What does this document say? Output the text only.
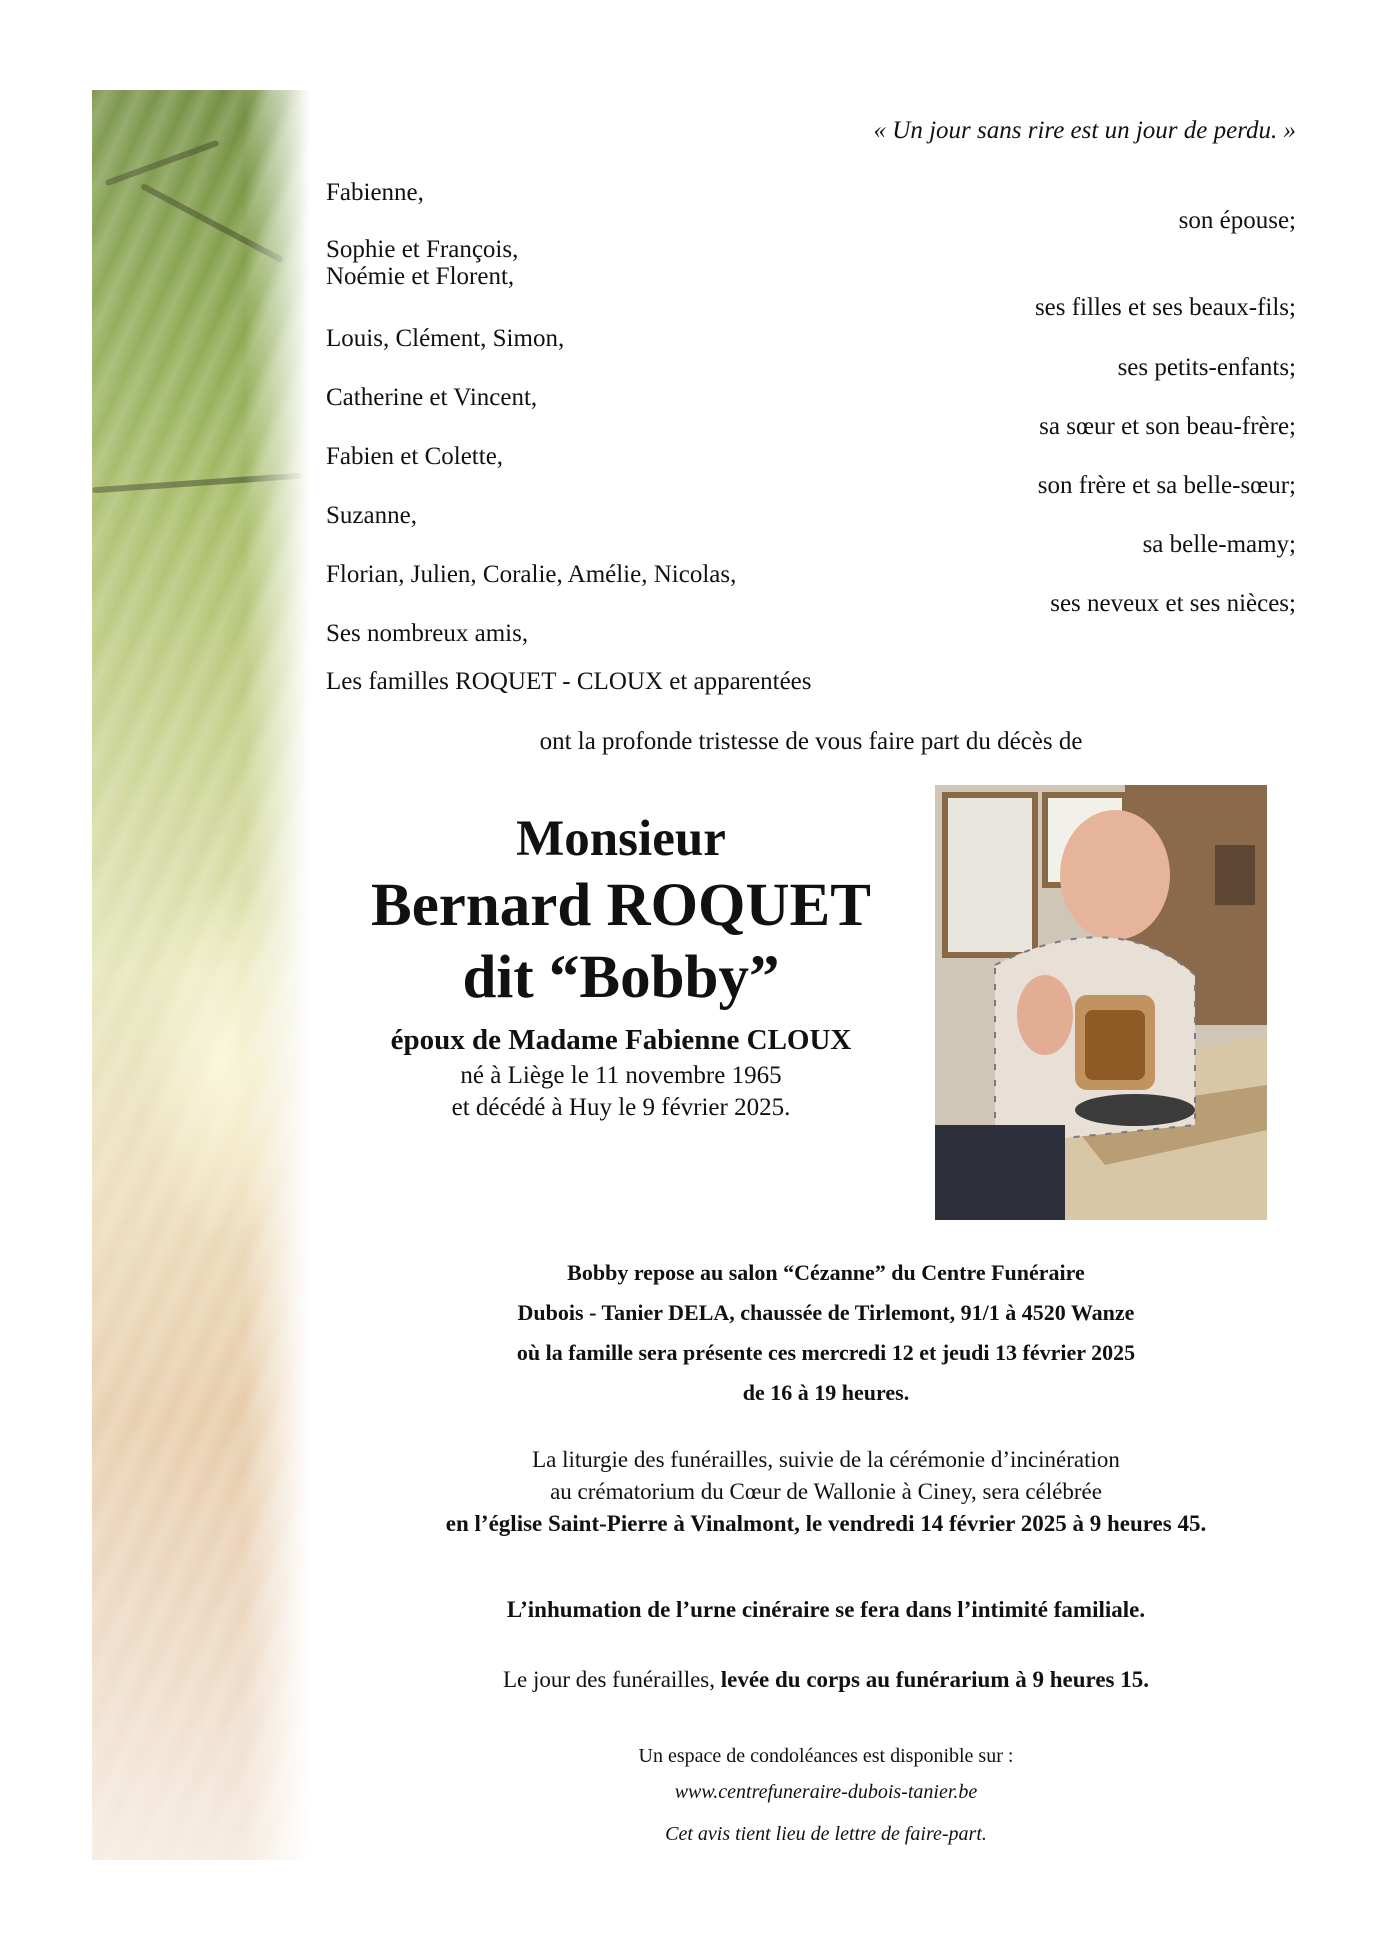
« Un jour sans rire est un jour de perdu. »
Fabienne,
son épouse;
Sophie et François,
Noémie et Florent,
ses filles et ses beaux-fils;
Louis, Clément, Simon,
ses petits-enfants;
Catherine et Vincent,
sa sœur et son beau-frère;
Fabien et Colette,
son frère et sa belle-sœur;
Suzanne,
sa belle-mamy;
Florian, Julien, Coralie, Amélie, Nicolas,
ses neveux et ses nièces;
Ses nombreux amis,
Les familles ROQUET - CLOUX et apparentées
ont la profonde tristesse de vous faire part du décès de
Monsieur
Bernard ROQUET
dit “Bobby”
époux de Madame Fabienne CLOUX
né à Liège le 11 novembre 1965
et décédé à Huy le 9 février 2025.
Bobby repose au salon “Cézanne” du Centre Funéraire
Dubois - Tanier DELA, chaussée de Tirlemont, 91/1 à 4520 Wanze
où la famille sera présente ces mercredi 12 et jeudi 13 février 2025
de 16 à 19 heures.
La liturgie des funérailles, suivie de la cérémonie d’incinération
au crématorium du Cœur de Wallonie à Ciney, sera célébrée
en l’église Saint-Pierre à Vinalmont, le vendredi 14 février 2025 à 9 heures 45.
L’inhumation de l’urne cinéraire se fera dans l’intimité familiale.
Le jour des funérailles, levée du corps au funérarium à 9 heures 15.
Un espace de condoléances est disponible sur :
www.centrefuneraire-dubois-tanier.be
Cet avis tient lieu de lettre de faire-part.
